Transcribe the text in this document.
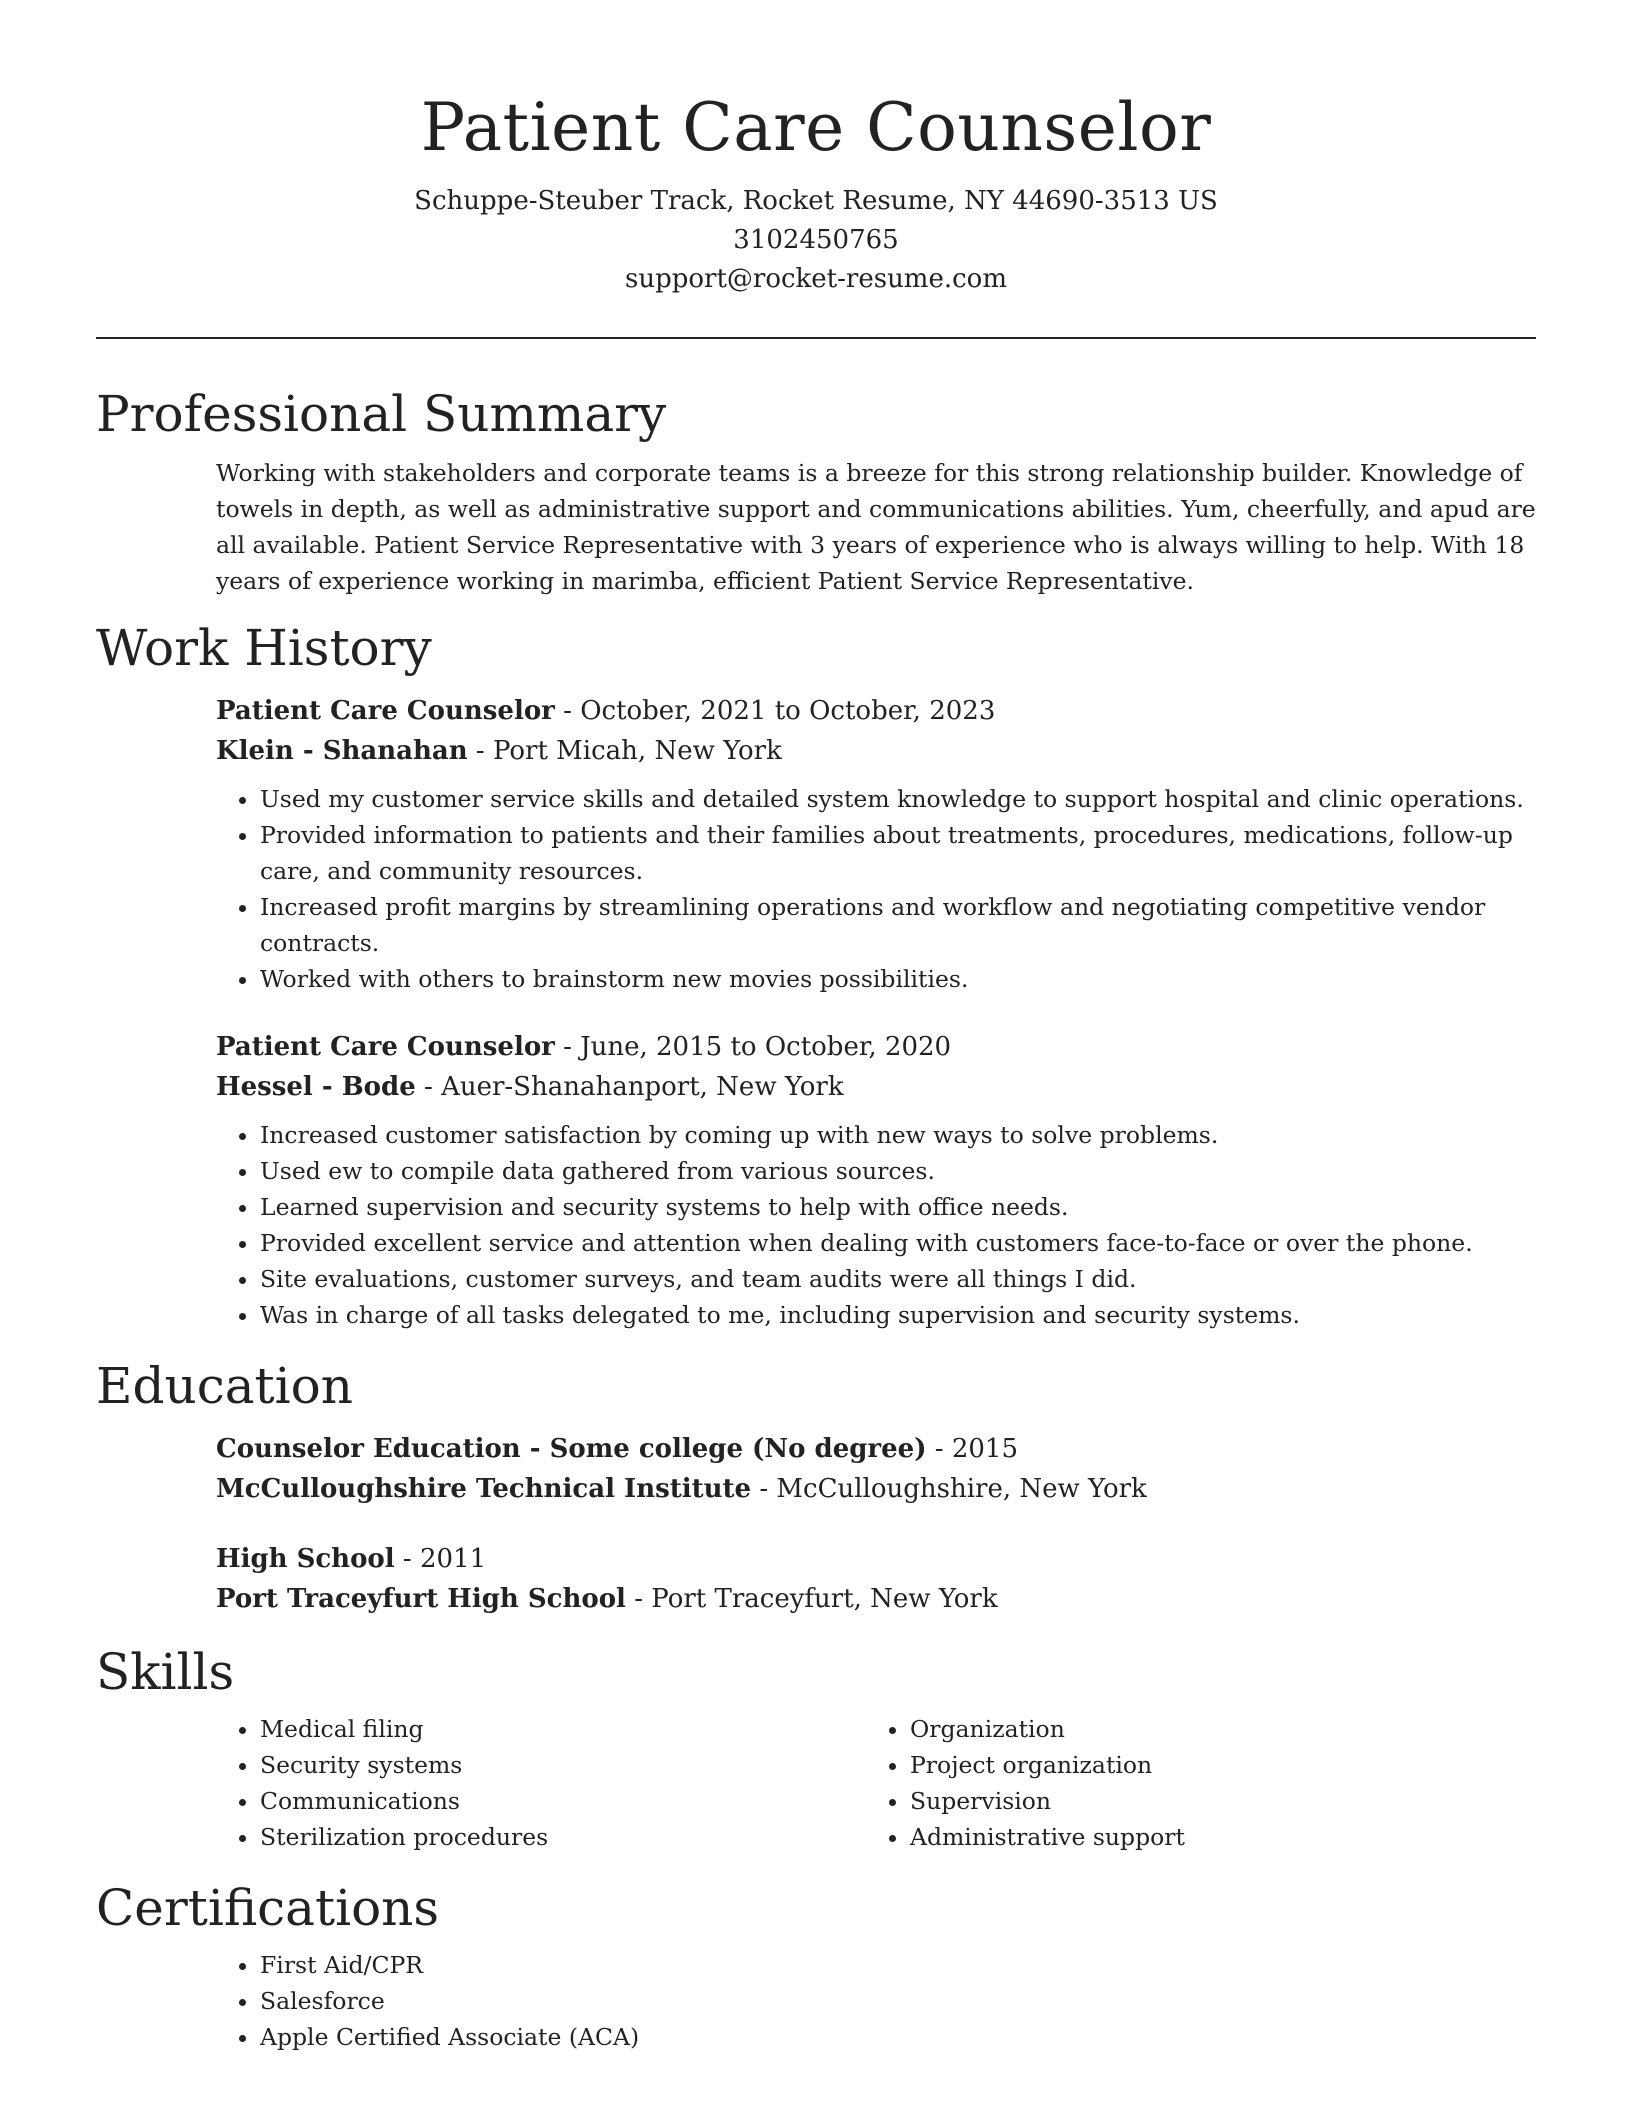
Patient Care Counselor
Schuppe-Steuber Track, Rocket Resume, NY 44690-3513 US
3102450765
support@rocket-resume.com
Professional Summary

Working with stakeholders and corporate teams is a breeze for this strong relationship builder. Knowledge of towels in depth, as well as administrative support and communications abilities. Yum, cheerfully, and apud are all available. Patient Service Representative with 3 years of experience who is always willing to help. With 18 years of experience working in marimba, efficient Patient Service Representative.

Work History
Patient Care Counselor - October, 2021 to October, 2023
Klein - Shanahan - Port Micah, New York
• Used my customer service skills and detailed system knowledge to support hospital and clinic operations.
• Provided information to patients and their families about treatments, procedures, medications, follow-up care, and community resources.
• Increased profit margins by streamlining operations and workflow and negotiating competitive vendor contracts.
• Worked with others to brainstorm new movies possibilities.
Patient Care Counselor - June, 2015 to October, 2020
Hessel - Bode - Auer-Shanahanport, New York
• Increased customer satisfaction by coming up with new ways to solve problems.
• Used ew to compile data gathered from various sources.
• Learned supervision and security systems to help with office needs.
• Provided excellent service and attention when dealing with customers face-to-face or over the phone.
• Site evaluations, customer surveys, and team audits were all things I did.
• Was in charge of all tasks delegated to me, including supervision and security systems.
Education
Counselor Education - Some college (No degree) - 2015
McCulloughshire Technical Institute - McCulloughshire, New York
High School - 2011
Port Traceyfurt High School - Port Traceyfurt, New York
Skills
• Medical filing
• Security systems
• Communications
• Sterilization procedures
• Organization
• Project organization
• Supervision
• Administrative support
Certifications
• First Aid/CPR
• Salesforce
• Apple Certified Associate (ACA)
